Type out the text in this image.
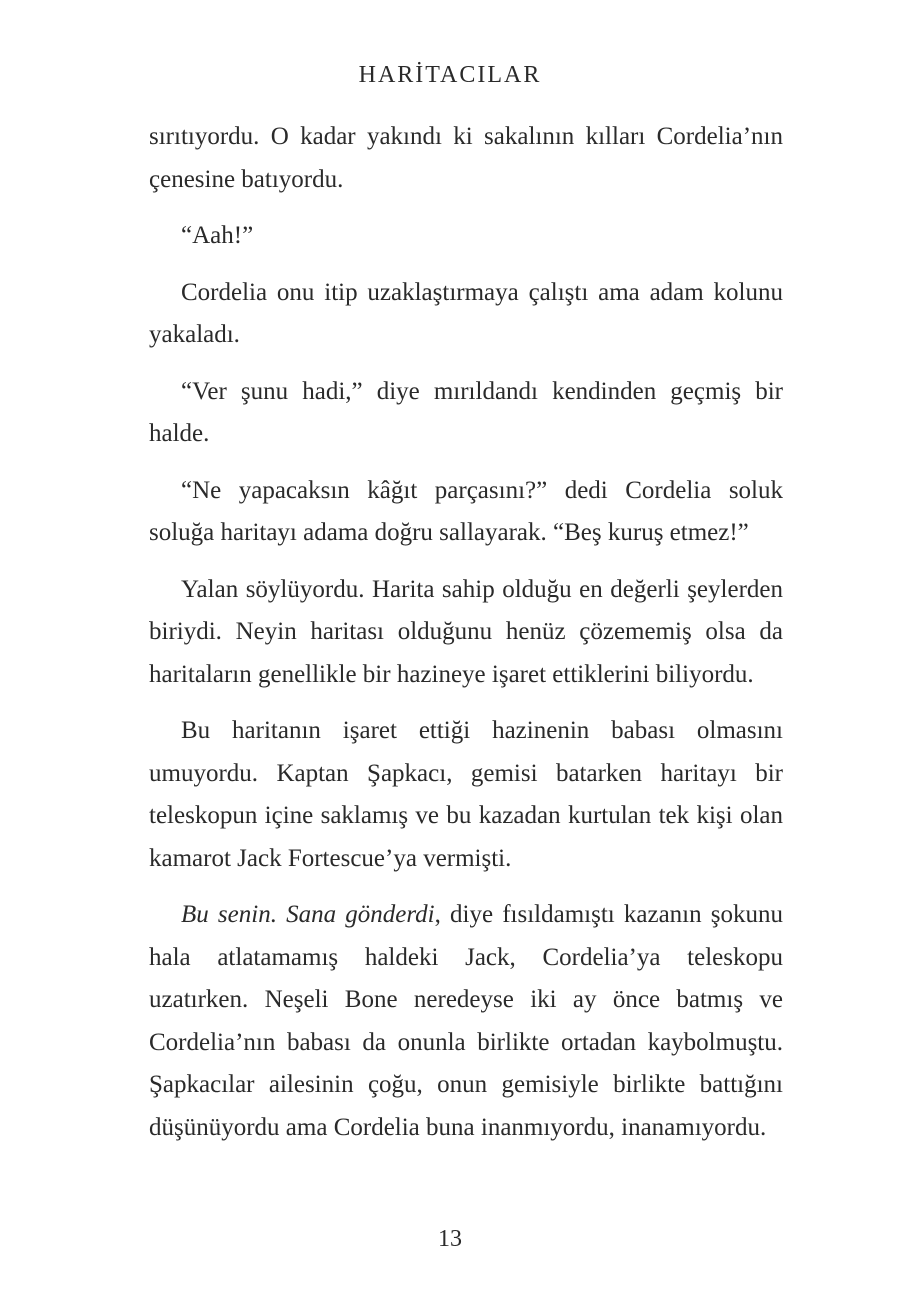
HARİTACILAR

sırıtıyordu. O kadar yakındı ki sakalının kılları Cordelia’nın çenesine batıyordu.

“Aah!”

Cordelia onu itip uzaklaştırmaya çalıştı ama adam kolunu yakaladı.

“Ver şunu hadi,” diye mırıldandı kendinden geçmiş bir halde.

“Ne yapacaksın kâğıt parçasını?” dedi Cordelia soluk soluğa haritayı adama doğru sallayarak. “Beş kuruş etmez!”

Yalan söylüyordu. Harita sahip olduğu en değerli şeylerden biriydi. Neyin haritası olduğunu henüz çözememiş olsa da haritaların genellikle bir hazineye işaret ettiklerini biliyordu.

Bu haritanın işaret ettiği hazinenin babası olmasını umuyordu. Kaptan Şapkacı, gemisi batarken haritayı bir teleskopun içine saklamış ve bu kazadan kurtulan tek kişi olan kamarot Jack Fortescue’ya vermişti.

Bu senin. Sana gönderdi, diye fısıldamıştı kazanın şokunu hala atlatamamış haldeki Jack, Cordelia’ya teleskopu uzatırken. Neşeli Bone neredeyse iki ay önce batmış ve Cordelia’nın babası da onunla birlikte ortadan kaybolmuştu. Şapkacılar ailesinin çoğu, onun gemisiyle birlikte battığını düşünüyordu ama Cordelia buna inanmıyordu, inanamıyordu.

13
